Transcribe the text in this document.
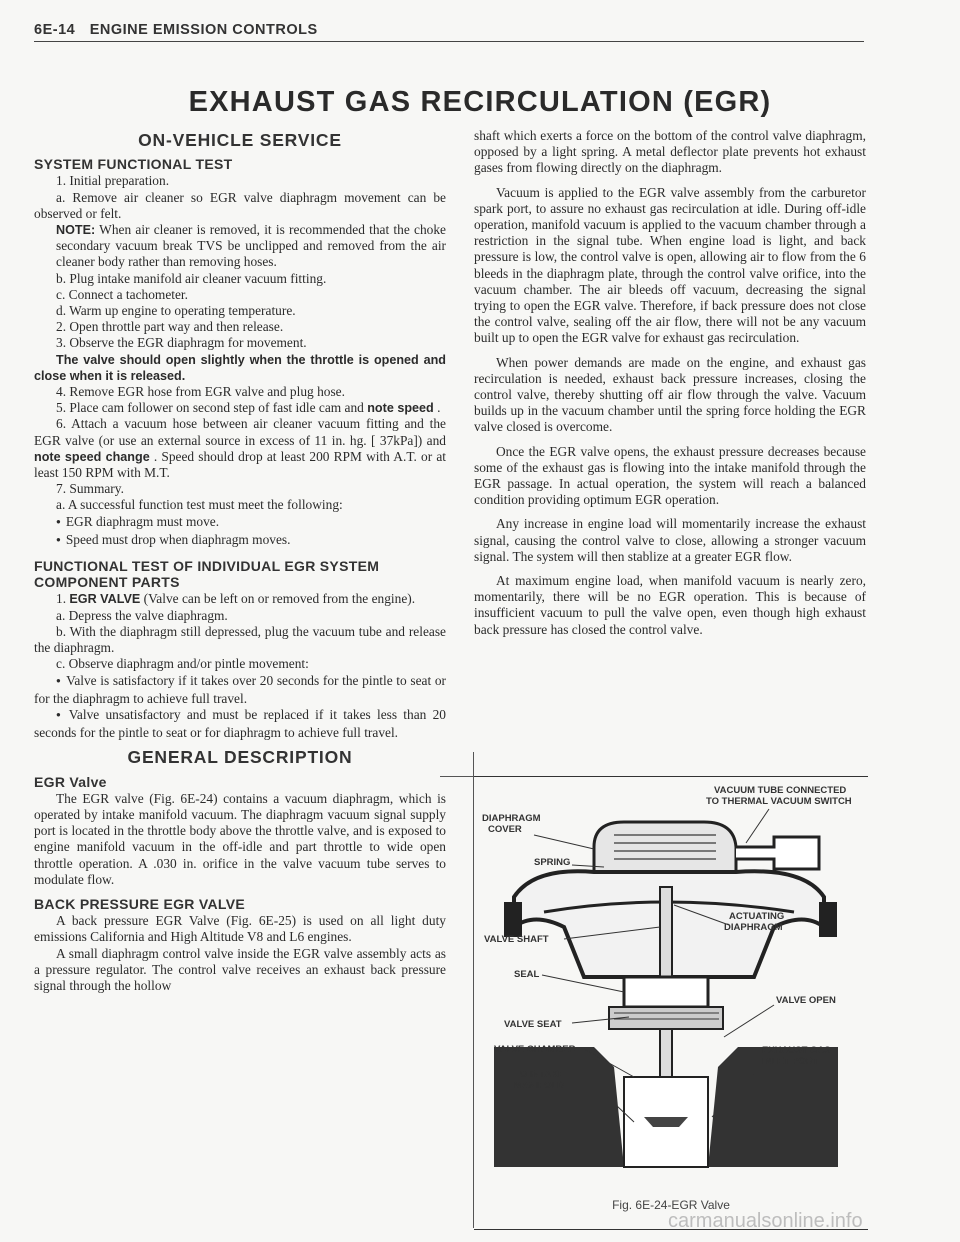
6E-14 ENGINE EMISSION CONTROLS
EXHAUST GAS RECIRCULATION (EGR)
ON-VEHICLE SERVICE
SYSTEM FUNCTIONAL TEST

1. Initial preparation.

a. Remove air cleaner so EGR valve diaphragm movement can be observed or felt.

NOTE: When air cleaner is removed, it is recommended that the choke secondary vacuum break TVS be unclipped and removed from the air cleaner body rather than removing hoses.

b. Plug intake manifold air cleaner vacuum fitting.

c. Connect a tachometer.

d. Warm up engine to operating temperature.

2. Open throttle part way and then release.

3. Observe the EGR diaphragm for movement.

The valve should open slightly when the throttle is opened and close when it is released.

4. Remove EGR hose from EGR valve and plug hose.

5. Place cam follower on second step of fast idle cam and note speed .

6. Attach a vacuum hose between air cleaner vacuum fitting and the EGR valve (or use an external source in excess of 11 in. hg. [ 37kPa]) and note speed change . Speed should drop at least 200 RPM with A.T. or at least 150 RPM with M.T.

7. Summary.

a. A successful function test must meet the following:

● EGR diaphragm must move.

● Speed must drop when diaphragm moves.

FUNCTIONAL TEST OF INDIVIDUAL EGR SYSTEM COMPONENT PARTS

1. EGR VALVE (Valve can be left on or removed from the engine).

a. Depress the valve diaphragm.

b. With the diaphragm still depressed, plug the vacuum tube and release the diaphragm.

c. Observe diaphragm and/or pintle movement:

● Valve is satisfactory if it takes over 20 seconds for the pintle to seat or for the diaphragm to achieve full travel.

● Valve unsatisfactory and must be replaced if it takes less than 20 seconds for the pintle to seat or for diaphragm to achieve full travel.

GENERAL DESCRIPTION
EGR Valve

The EGR valve (Fig. 6E-24) contains a vacuum diaphragm, which is operated by intake manifold vacuum. The diaphragm vacuum signal supply port is located in the throttle body above the throttle valve, and is exposed to engine manifold vacuum in the off-idle and part throttle to wide open throttle operation. A .030 in. orifice in the valve vacuum tube serves to modulate flow.

BACK PRESSURE EGR VALVE

A back pressure EGR Valve (Fig. 6E-25) is used on all light duty emissions California and High Altitude V8 and L6 engines.

A small diaphragm control valve inside the EGR valve assembly acts as a pressure regulator. The control valve receives an exhaust back pressure signal through the hollow

shaft which exerts a force on the bottom of the control valve diaphragm, opposed by a light spring. A metal deflector plate prevents hot exhaust gases from flowing directly on the diaphragm.

Vacuum is applied to the EGR valve assembly from the carburetor spark port, to assure no exhaust gas recirculation at idle. During off-idle operation, manifold vacuum is applied to the vacuum chamber through a restriction in the signal tube. When engine load is light, and back pressure is low, the control valve is open, allowing air to flow from the 6 bleeds in the diaphragm plate, through the control valve orifice, into the vacuum chamber. The air bleeds off vacuum, decreasing the signal trying to open the EGR valve. Therefore, if back pressure does not close the control valve, sealing off the air flow, there will not be any vacuum built up to open the EGR valve for exhaust gas recirculation.

When power demands are made on the engine, and exhaust gas recirculation is needed, exhaust back pressure increases, closing the control valve, thereby shutting off air flow through the valve. Vacuum builds up in the vacuum chamber until the spring force holding the EGR valve closed is overcome.

Once the EGR valve opens, the exhaust pressure decreases because some of the exhaust gas is flowing into the intake manifold through the EGR passage. In actual operation, the system will reach a balanced condition providing optimum EGR operation.

Any increase in engine load will momentarily increase the exhaust signal, causing the control valve to close, allowing a stronger vacuum signal. The system will then stablize at a greater EGR flow.

At maximum engine load, when manifold vacuum is nearly zero, momentarily, there will be no EGR operation. This is because of insufficient vacuum to pull the valve open, even though high exhaust back pressure has closed the control valve.

VACUUM TUBE CONNECTED
TO THERMAL VACUUM SWITCH
DIAPHRAGM
COVER
SPRING
ACTUATING
DIAPHRAGM
VALVE SHAFT
SEAL
VALVE OPEN
VALVE SEAT
VALVE CHAMBER	EXHAUST GAS
INLET PORT
TO INTAKE
MANIFOLD
Fig. 6E-24-EGR Valve
carmanualsonline.info
